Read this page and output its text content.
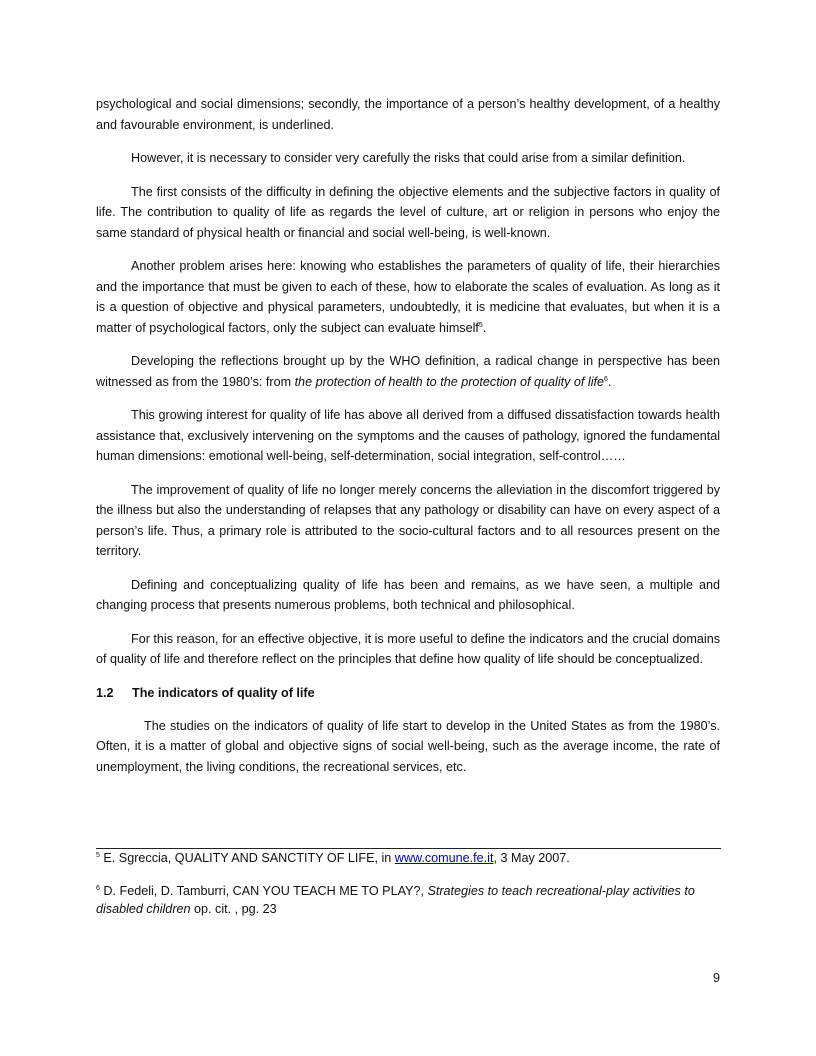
psychological and social dimensions; secondly, the importance of a person’s healthy development, of a healthy and favourable environment, is underlined.

However, it is necessary to consider very carefully the risks that could arise from a similar definition.

The first consists of the difficulty in defining the objective elements and the subjective factors in quality of life. The contribution to quality of life as regards the level of culture, art or religion in persons who enjoy the same standard of physical health or financial and social well-being, is well-known.

Another problem arises here: knowing who establishes the parameters of quality of life, their hierarchies and the importance that must be given to each of these, how to elaborate the scales of evaluation. As long as it is a question of objective and physical parameters, undoubtedly, it is medicine that evaluates, but when it is a matter of psychological factors, only the subject can evaluate himself$^5$.

Developing the reflections brought up by the WHO definition, a radical change in perspective has been witnessed as from the 1980’s: from the protection of health to the protection of quality of life$^6$.

This growing interest for quality of life has above all derived from a diffused dissatisfaction towards health assistance that, exclusively intervening on the symptoms and the causes of pathology, ignored the fundamental human dimensions: emotional well-being, self-determination, social integration, self-control……

The improvement of quality of life no longer merely concerns the alleviation in the discomfort triggered by the illness but also the understanding of relapses that any pathology or disability can have on every aspect of a person’s life. Thus, a primary role is attributed to the socio-cultural factors and to all resources present on the territory.

Defining and conceptualizing quality of life has been and remains, as we have seen, a multiple and changing process that presents numerous problems, both technical and philosophical.

For this reason, for an effective objective, it is more useful to define the indicators and the crucial domains of quality of life and therefore reflect on the principles that define how quality of life should be conceptualized.

1.2 The indicators of quality of life

The studies on the indicators of quality of life start to develop in the United States as from the 1980’s. Often, it is a matter of global and objective signs of social well-being, such as the average income, the rate of unemployment, the living conditions, the recreational services, etc.

$^5$ E. Sgreccia, QUALITY AND SANCTITY OF LIFE, in www.comune.fe.it, 3 May 2007.

$^6$ D. Fedeli, D. Tamburri, CAN YOU TEACH ME TO PLAY?, Strategies to teach recreational-play activities to disabled children op. cit. , pg. 23

9
